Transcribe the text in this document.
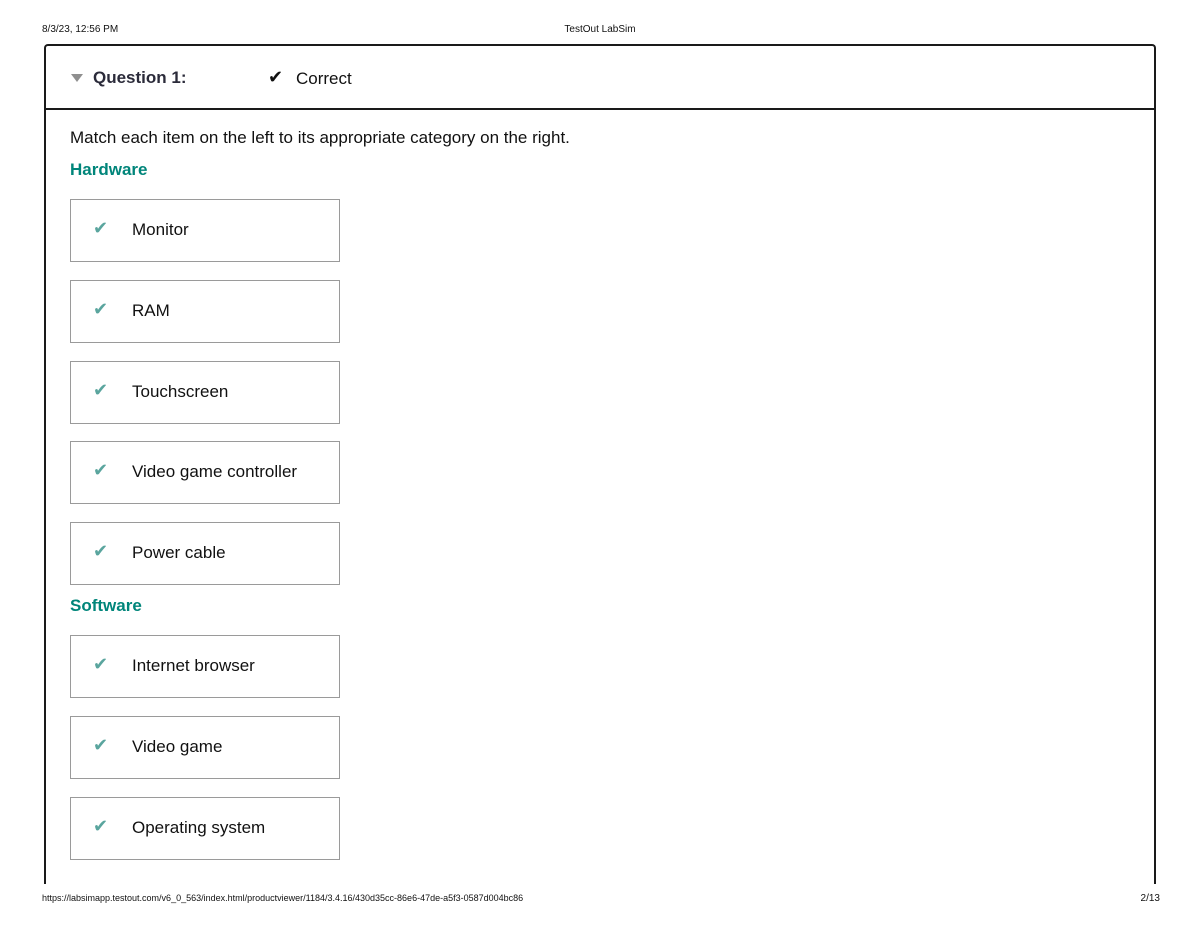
8/3/23, 12:56 PM	TestOut LabSim
Question 1:	✔ Correct
Match each item on the left to its appropriate category on the right.
Hardware
✔ Monitor
✔ RAM
✔ Touchscreen
✔ Video game controller
✔ Power cable
Software
✔ Internet browser
✔ Video game
✔ Operating system
https://labsimapp.testout.com/v6_0_563/index.html/productviewer/1184/3.4.16/430d35cc-86e6-47de-a5f3-0587d004bc86	2/13
